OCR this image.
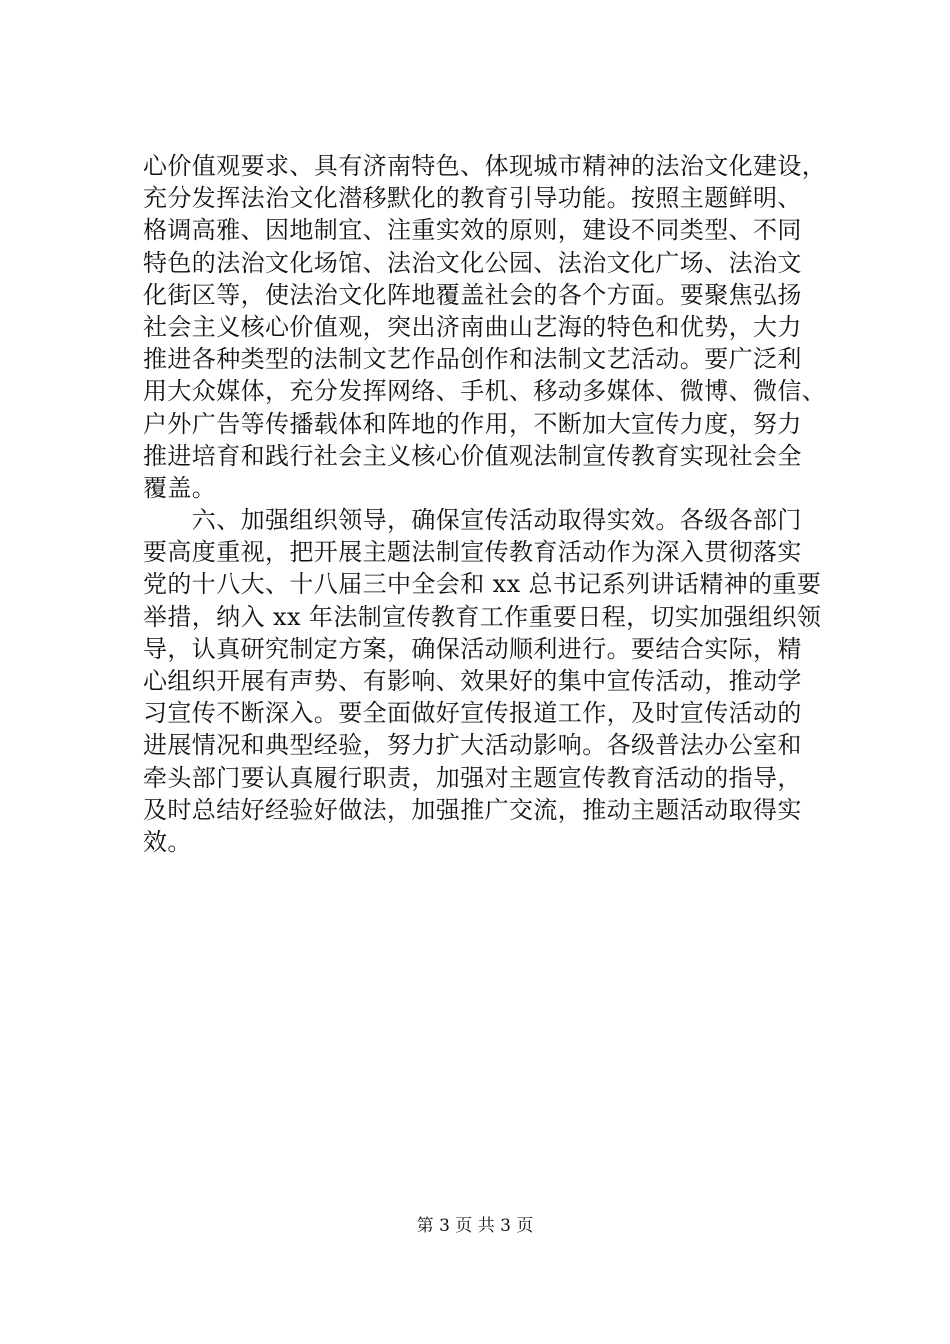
心价值观要求、具有济南特色、体现城市精神的法治文化建设，
充分发挥法治文化潜移默化的教育引导功能。按照主题鲜明、
格调高雅、因地制宜、注重实效的原则，建设不同类型、不同
特色的法治文化场馆、法治文化公园、法治文化广场、法治文
化街区等，使法治文化阵地覆盖社会的各个方面。要聚焦弘扬
社会主义核心价值观，突出济南曲山艺海的特色和优势，大力
推进各种类型的法制文艺作品创作和法制文艺活动。要广泛利
用大众媒体，充分发挥网络、手机、移动多媒体、微博、微信、
户外广告等传播载体和阵地的作用，不断加大宣传力度，努力
推进培育和践行社会主义核心价值观法制宣传教育实现社会全
覆盖。
　　六、加强组织领导，确保宣传活动取得实效。各级各部门
要高度重视，把开展主题法制宣传教育活动作为深入贯彻落实
党的十八大、十八届三中全会和 xx 总书记系列讲话精神的重要
举措，纳入 xx 年法制宣传教育工作重要日程，切实加强组织领
导，认真研究制定方案，确保活动顺利进行。要结合实际，精
心组织开展有声势、有影响、效果好的集中宣传活动，推动学
习宣传不断深入。要全面做好宣传报道工作，及时宣传活动的
进展情况和典型经验，努力扩大活动影响。各级普法办公室和
牵头部门要认真履行职责，加强对主题宣传教育活动的指导，
及时总结好经验好做法，加强推广交流，推动主题活动取得实
效。
第 3 页 共 3 页
